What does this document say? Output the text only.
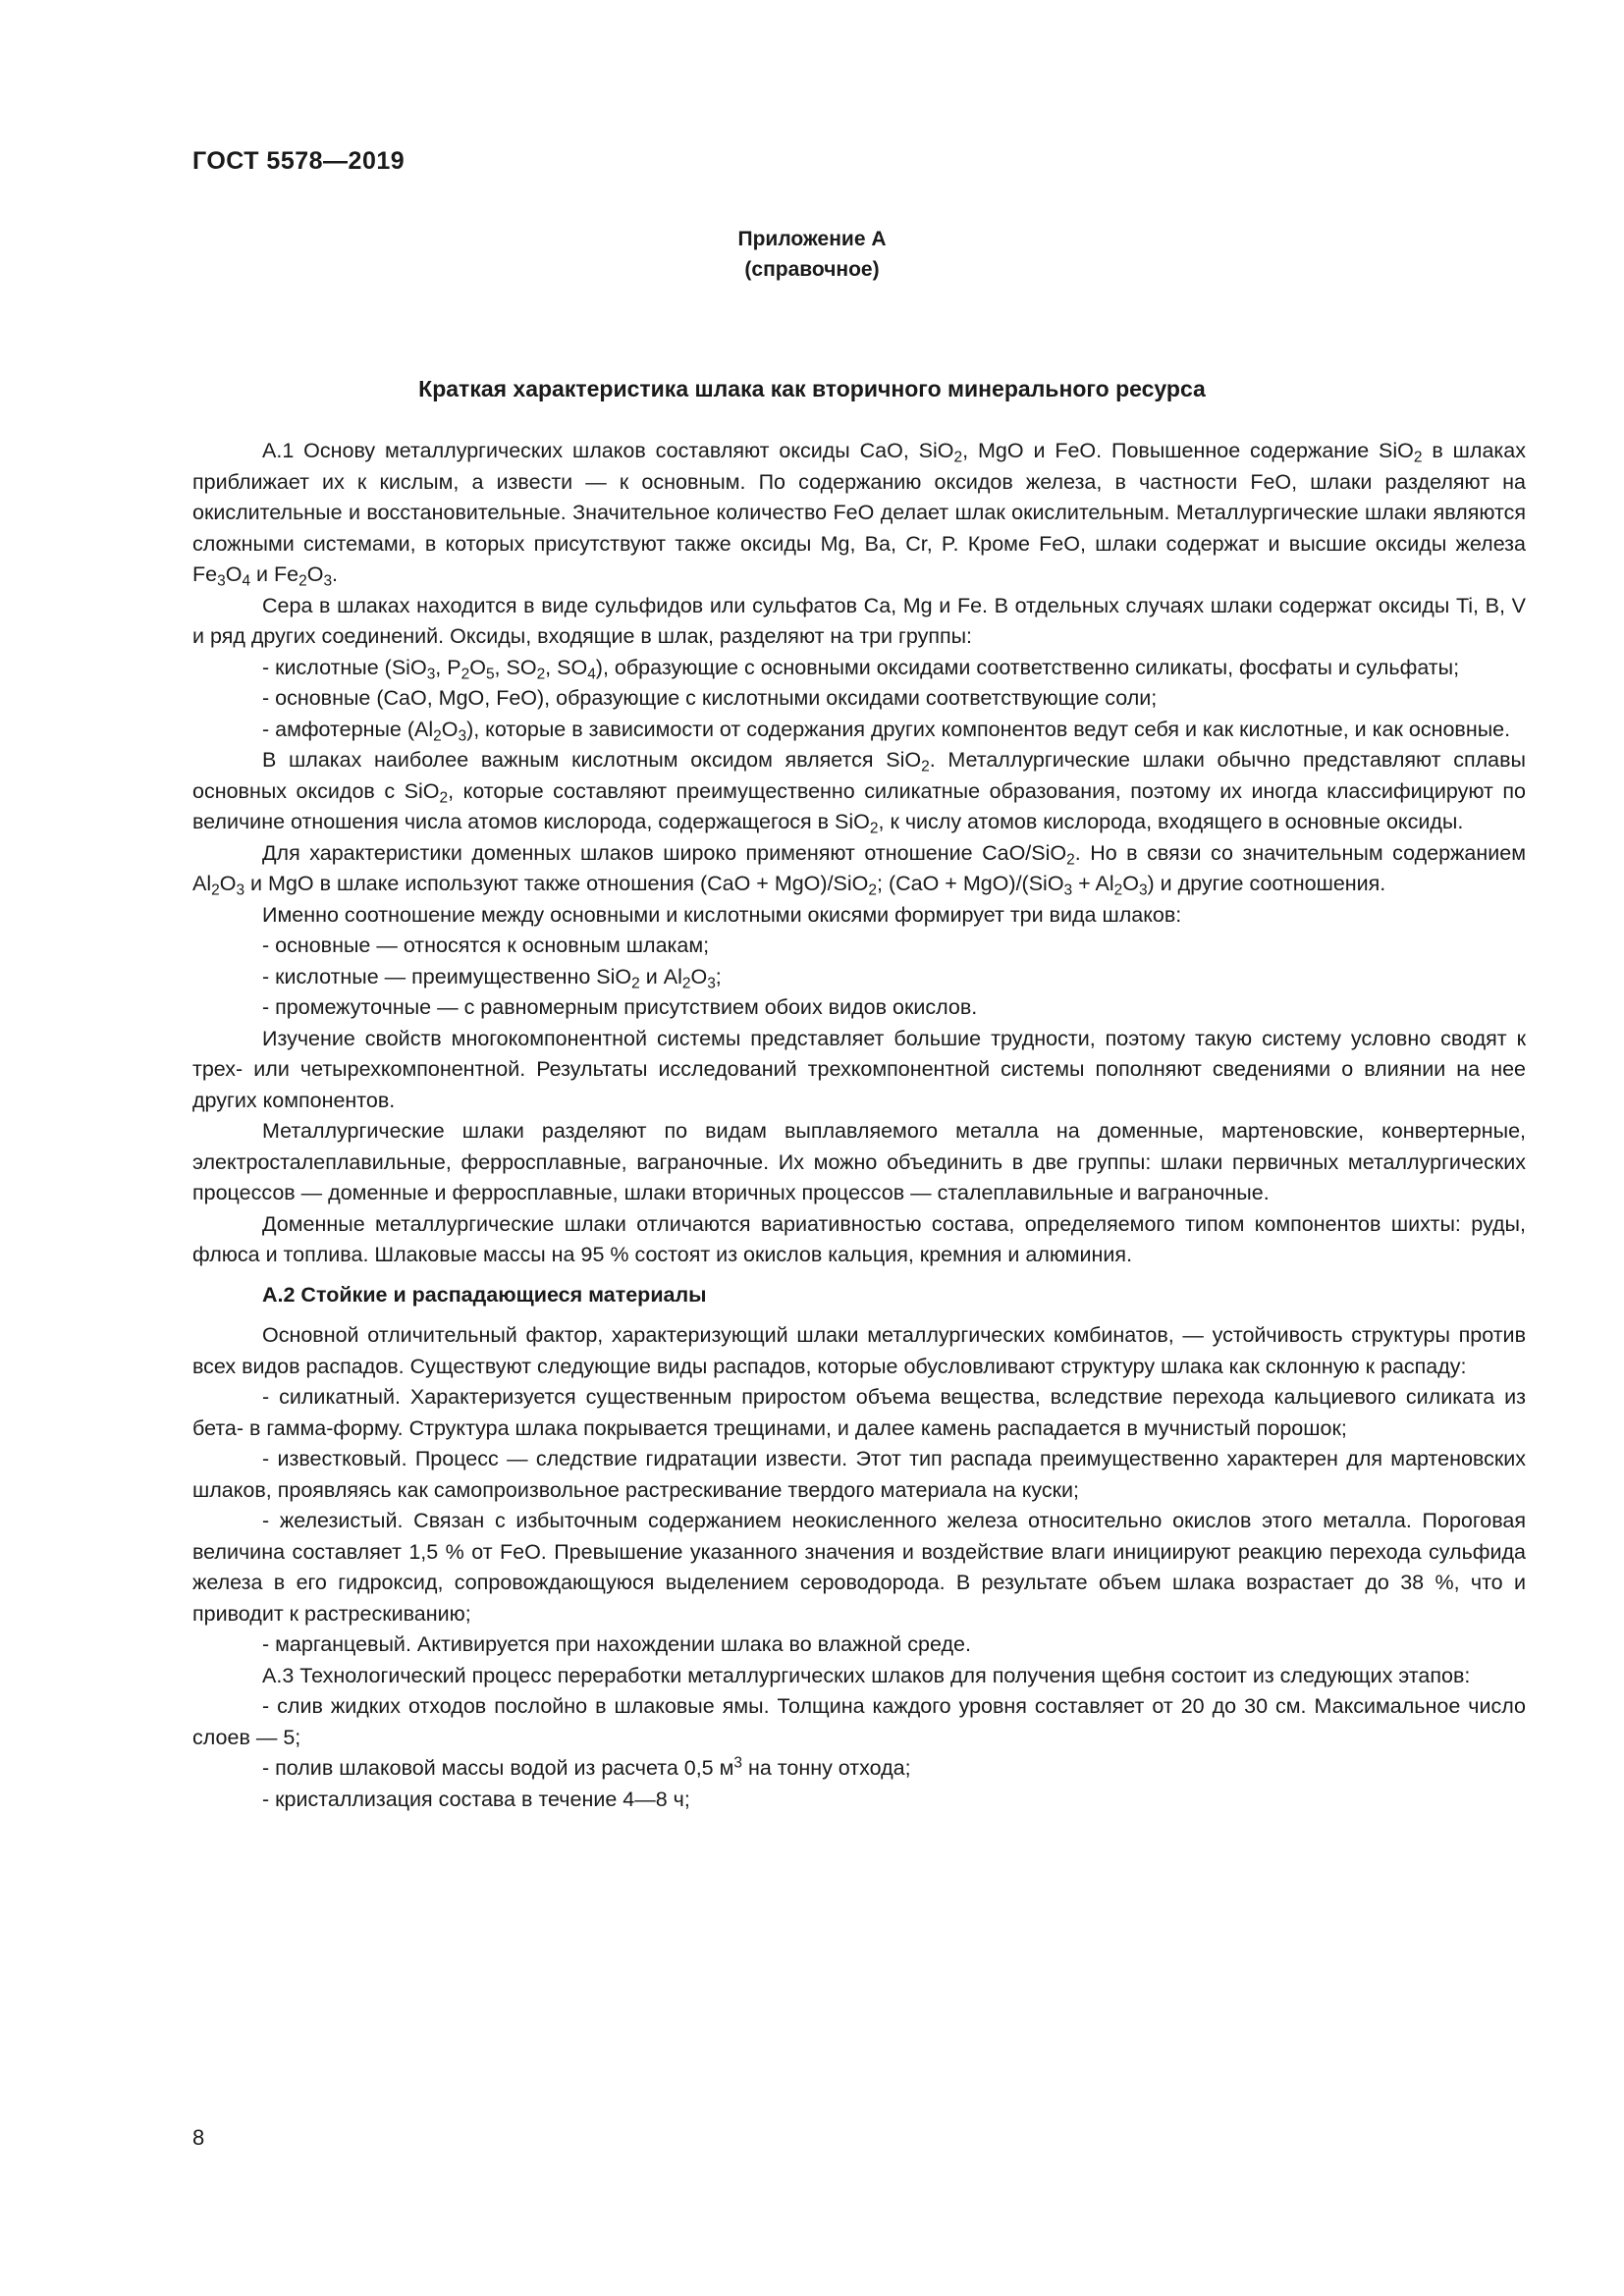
ГОСТ 5578—2019
Приложение А
(справочное)
Краткая характеристика шлака как вторичного минерального ресурса

А.1 Основу металлургических шлаков составляют оксиды CaO, SiO$_2$, MgO и FeO. Повышенное содержание SiO$_2$ в шлаках приближает их к кислым, а извести — к основным. По содержанию оксидов железа, в частности FeO, шлаки разделяют на окислительные и восстановительные. Значительное количество FeO делает шлак окислительным. Металлургические шлаки являются сложными системами, в которых присутствуют также оксиды Mg, Ba, Cr, P. Кроме FeO, шлаки содержат и высшие оксиды железа $Fe_3O_4$ и $Fe_2O_3$.

Сера в шлаках находится в виде сульфидов или сульфатов Ca, Mg и Fe. В отдельных случаях шлаки содержат оксиды Ti, B, V и ряд других соединений. Оксиды, входящие в шлак, разделяют на три группы:

- кислотные (SiO$_3$, $P_2O_5$, $SO_2$, $SO_4$), образующие с основными оксидами соответственно силикаты, фосфаты и сульфаты;

- основные (CaO, MgO, FeO), образующие с кислотными оксидами соответствующие соли;

- амфотерные $(Al_2O_3)$, которые в зависимости от содержания других компонентов ведут себя и как кислотные, и как основные.

В шлаках наиболее важным кислотным оксидом является SiO$_2$. Металлургические шлаки обычно представляют сплавы основных оксидов с SiO$_2$, которые составляют преимущественно силикатные образования, поэтому их иногда классифицируют по величине отношения числа атомов кислорода, содержащегося в SiO$_2$, к числу атомов кислорода, входящего в основные оксиды.

Для характеристики доменных шлаков широко применяют отношение CaO/SiO$_2$. Но в связи со значительным содержанием $Al_2O_3$ и MgO в шлаке используют также отношения (CaO + MgO)/SiO$_2$; $(CaO + MgO)/(SiO_3 + Al_2O_3)$ и другие соотношения.

Именно соотношение между основными и кислотными окисями формирует три вида шлаков:

- основные — относятся к основным шлакам;

- кислотные — преимущественно SiO$_2$ и $Al_2O_3$;

- промежуточные — с равномерным присутствием обоих видов окислов.

Изучение свойств многокомпонентной системы представляет большие трудности, поэтому такую систему условно сводят к трех- или четырехкомпонентной. Результаты исследований трехкомпонентной системы пополняют сведениями о влиянии на нее других компонентов.

Металлургические шлаки разделяют по видам выплавляемого металла на доменные, мартеновские, конвертерные, электросталеплавильные, ферросплавные, ваграночные. Их можно объединить в две группы: шлаки первичных металлургических процессов — доменные и ферросплавные, шлаки вторичных процессов — сталеплавильные и ваграночные.

Доменные металлургические шлаки отличаются вариативностью состава, определяемого типом компонентов шихты: руды, флюса и топлива. Шлаковые массы на 95 % состоят из окислов кальция, кремния и алюминия.

А.2 Стойкие и распадающиеся материалы

Основной отличительный фактор, характеризующий шлаки металлургических комбинатов, — устойчивость структуры против всех видов распадов. Существуют следующие виды распадов, которые обусловливают структуру шлака как склонную к распаду:

- силикатный. Характеризуется существенным приростом объема вещества, вследствие перехода кальциевого силиката из бета- в гамма-форму. Структура шлака покрывается трещинами, и далее камень распадается в мучнистый порошок;

- известковый. Процесс — следствие гидратации извести. Этот тип распада преимущественно характерен для мартеновских шлаков, проявляясь как самопроизвольное растрескивание твердого материала на куски;

- железистый. Связан с избыточным содержанием неокисленного железа относительно окислов этого металла. Пороговая величина составляет 1,5 % от FeO. Превышение указанного значения и воздействие влаги инициируют реакцию перехода сульфида железа в его гидроксид, сопровождающуюся выделением сероводорода. В результате объем шлака возрастает до 38 %, что и приводит к растрескиванию;

- марганцевый. Активируется при нахождении шлака во влажной среде.

А.3 Технологический процесс переработки металлургических шлаков для получения щебня состоит из следующих этапов:

- слив жидких отходов послойно в шлаковые ямы. Толщина каждого уровня составляет от 20 до 30 см. Максимальное число слоев — 5;

- полив шлаковой массы водой из расчета 0,5 $м^3$ на тонну отхода;

- кристаллизация состава в течение 4—8 ч;

8
